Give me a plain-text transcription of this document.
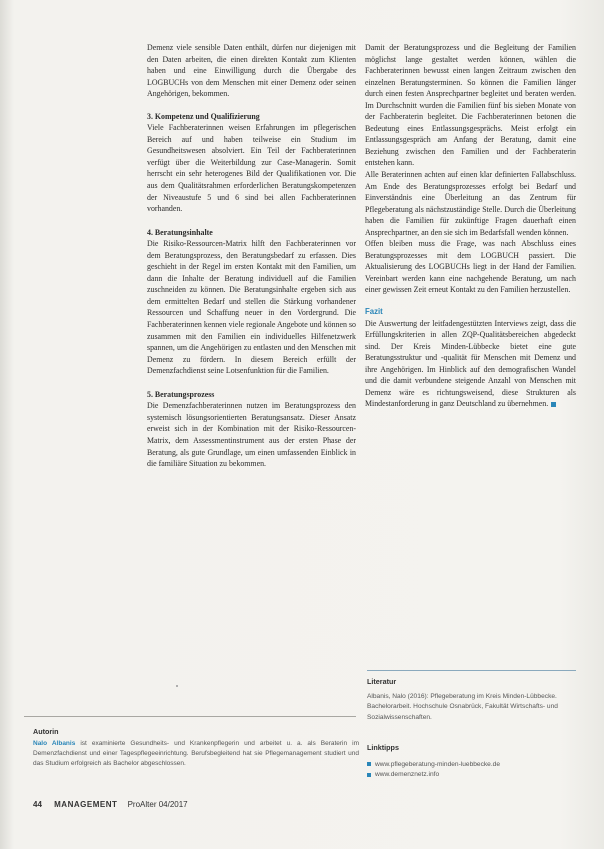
Demenz viele sensible Daten enthält, dürfen nur diejenigen mit den Daten arbeiten, die einen direkten Kontakt zum Klienten haben und eine Einwilligung durch die Übergabe des LOGBUCHs von dem Menschen mit einer Demenz oder seinen Angehörigen, bekommen.

3. Kompetenz und Qualifizierung

Viele Fachberaterinnen weisen Erfahrungen im pflegerischen Bereich auf und haben teilweise ein Studium im Gesundheitswesen absolviert. Ein Teil der Fachberaterinnen verfügt über die Weiterbildung zur Case-Managerin. Somit herrscht ein sehr heterogenes Bild der Qualifikationen vor. Die aus dem Qualitätsrahmen erforderlichen Beratungskompetenzen der Niveaustufe 5 und 6 sind bei allen Fachberaterinnen vorhanden.

4. Beratungsinhalte

Die Risiko-Ressourcen-Matrix hilft den Fachberaterinnen vor dem Beratungsprozess, den Beratungsbedarf zu erfassen. Dies geschieht in der Regel im ersten Kontakt mit den Familien, um dann die Inhalte der Beratung individuell auf die Familien zuschneiden zu können. Die Beratungsinhalte ergeben sich aus dem ermittelten Bedarf und stellen die Stärkung vorhandener Ressourcen und Schaffung neuer in den Vordergrund. Die Fachberaterinnen kennen viele regionale Angebote und können so zusammen mit den Familien ein individuelles Hilfenetzwerk spannen, um die Angehörigen zu entlasten und den Menschen mit Demenz zu fördern. In diesem Bereich erfüllt der Demenzfachdienst seine Lotsenfunktion für die Familien.

5. Beratungsprozess

Die Demenzfachberaterinnen nutzen im Beratungsprozess den systemisch lösungsorientierten Beratungsansatz. Dieser Ansatz erweist sich in der Kombination mit der Risiko-Ressourcen-Matrix, dem Assessmentinstrument aus der ersten Phase der Beratung, als gute Grundlage, um einen umfassenden Einblick in die familiäre Situation zu bekommen.

Damit der Beratungsprozess und die Begleitung der Familien möglichst lange gestaltet werden können, wählen die Fachberaterinnen bewusst einen langen Zeitraum zwischen den einzelnen Beratungsterminen. So können die Familien länger durch einen festen Ansprechpartner begleitet und beraten werden. Im Durchschnitt wurden die Familien fünf bis sieben Monate von der Fachberaterin begleitet. Die Fachberaterinnen betonen die Bedeutung eines Entlassungsgesprächs. Meist erfolgt ein Entlassungsgespräch am Anfang der Beratung, damit eine Beziehung zwischen den Familien und der Fachberaterin entstehen kann.

Alle Beraterinnen achten auf einen klar definierten Fallabschluss. Am Ende des Beratungsprozesses erfolgt bei Bedarf und Einverständnis eine Überleitung an das Zentrum für Pflegeberatung als nächstzuständige Stelle. Durch die Überleitung haben die Familien für zukünftige Fragen dauerhaft einen Ansprechpartner, an den sie sich im Bedarfsfall wenden können.

Offen bleiben muss die Frage, was nach Abschluss eines Beratungsprozesses mit dem LOGBUCH passiert. Die Aktualisierung des LOGBUCHs liegt in der Hand der Familien. Vereinbart werden kann eine nachgehende Beratung, um nach einer gewissen Zeit erneut Kontakt zu den Familien herzustellen.

Fazit

Die Auswertung der leitfadengestützten Interviews zeigt, dass die Erfüllungskriterien in allen ZQP-Qualitätsbereichen abgedeckt sind. Der Kreis Minden-Lübbecke bietet eine gute Beratungsstruktur und -qualität für Menschen mit Demenz und ihre Angehörigen. Im Hinblick auf den demografischen Wandel und die damit verbundene steigende Anzahl von Menschen mit Demenz wäre es richtungsweisend, diese Strukturen als Mindestanforderung in ganz Deutschland zu übernehmen.

Literatur
Albanis, Nalo (2016): Pflegeberatung im Kreis Minden-Lübbecke. Bachelorarbeit. Hochschule Osnabrück, Fakultät Wirtschafts- und Sozialwissenschaften.
Linktipps
www.pflegeberatung-minden-luebbecke.de
www.demenznetz.info
Autorin
Nalo Albanis ist examinierte Gesundheits- und Krankenpflegerin und arbeitet u. a. als Beraterin im Demenzfachdienst und einer Tagespflegeeinrichtung. Berufsbegleitend hat sie Pflegemanagement studiert und das Studium erfolgreich als Bachelor abgeschlossen.
44 MANAGEMENT ProAlter 04/2017
